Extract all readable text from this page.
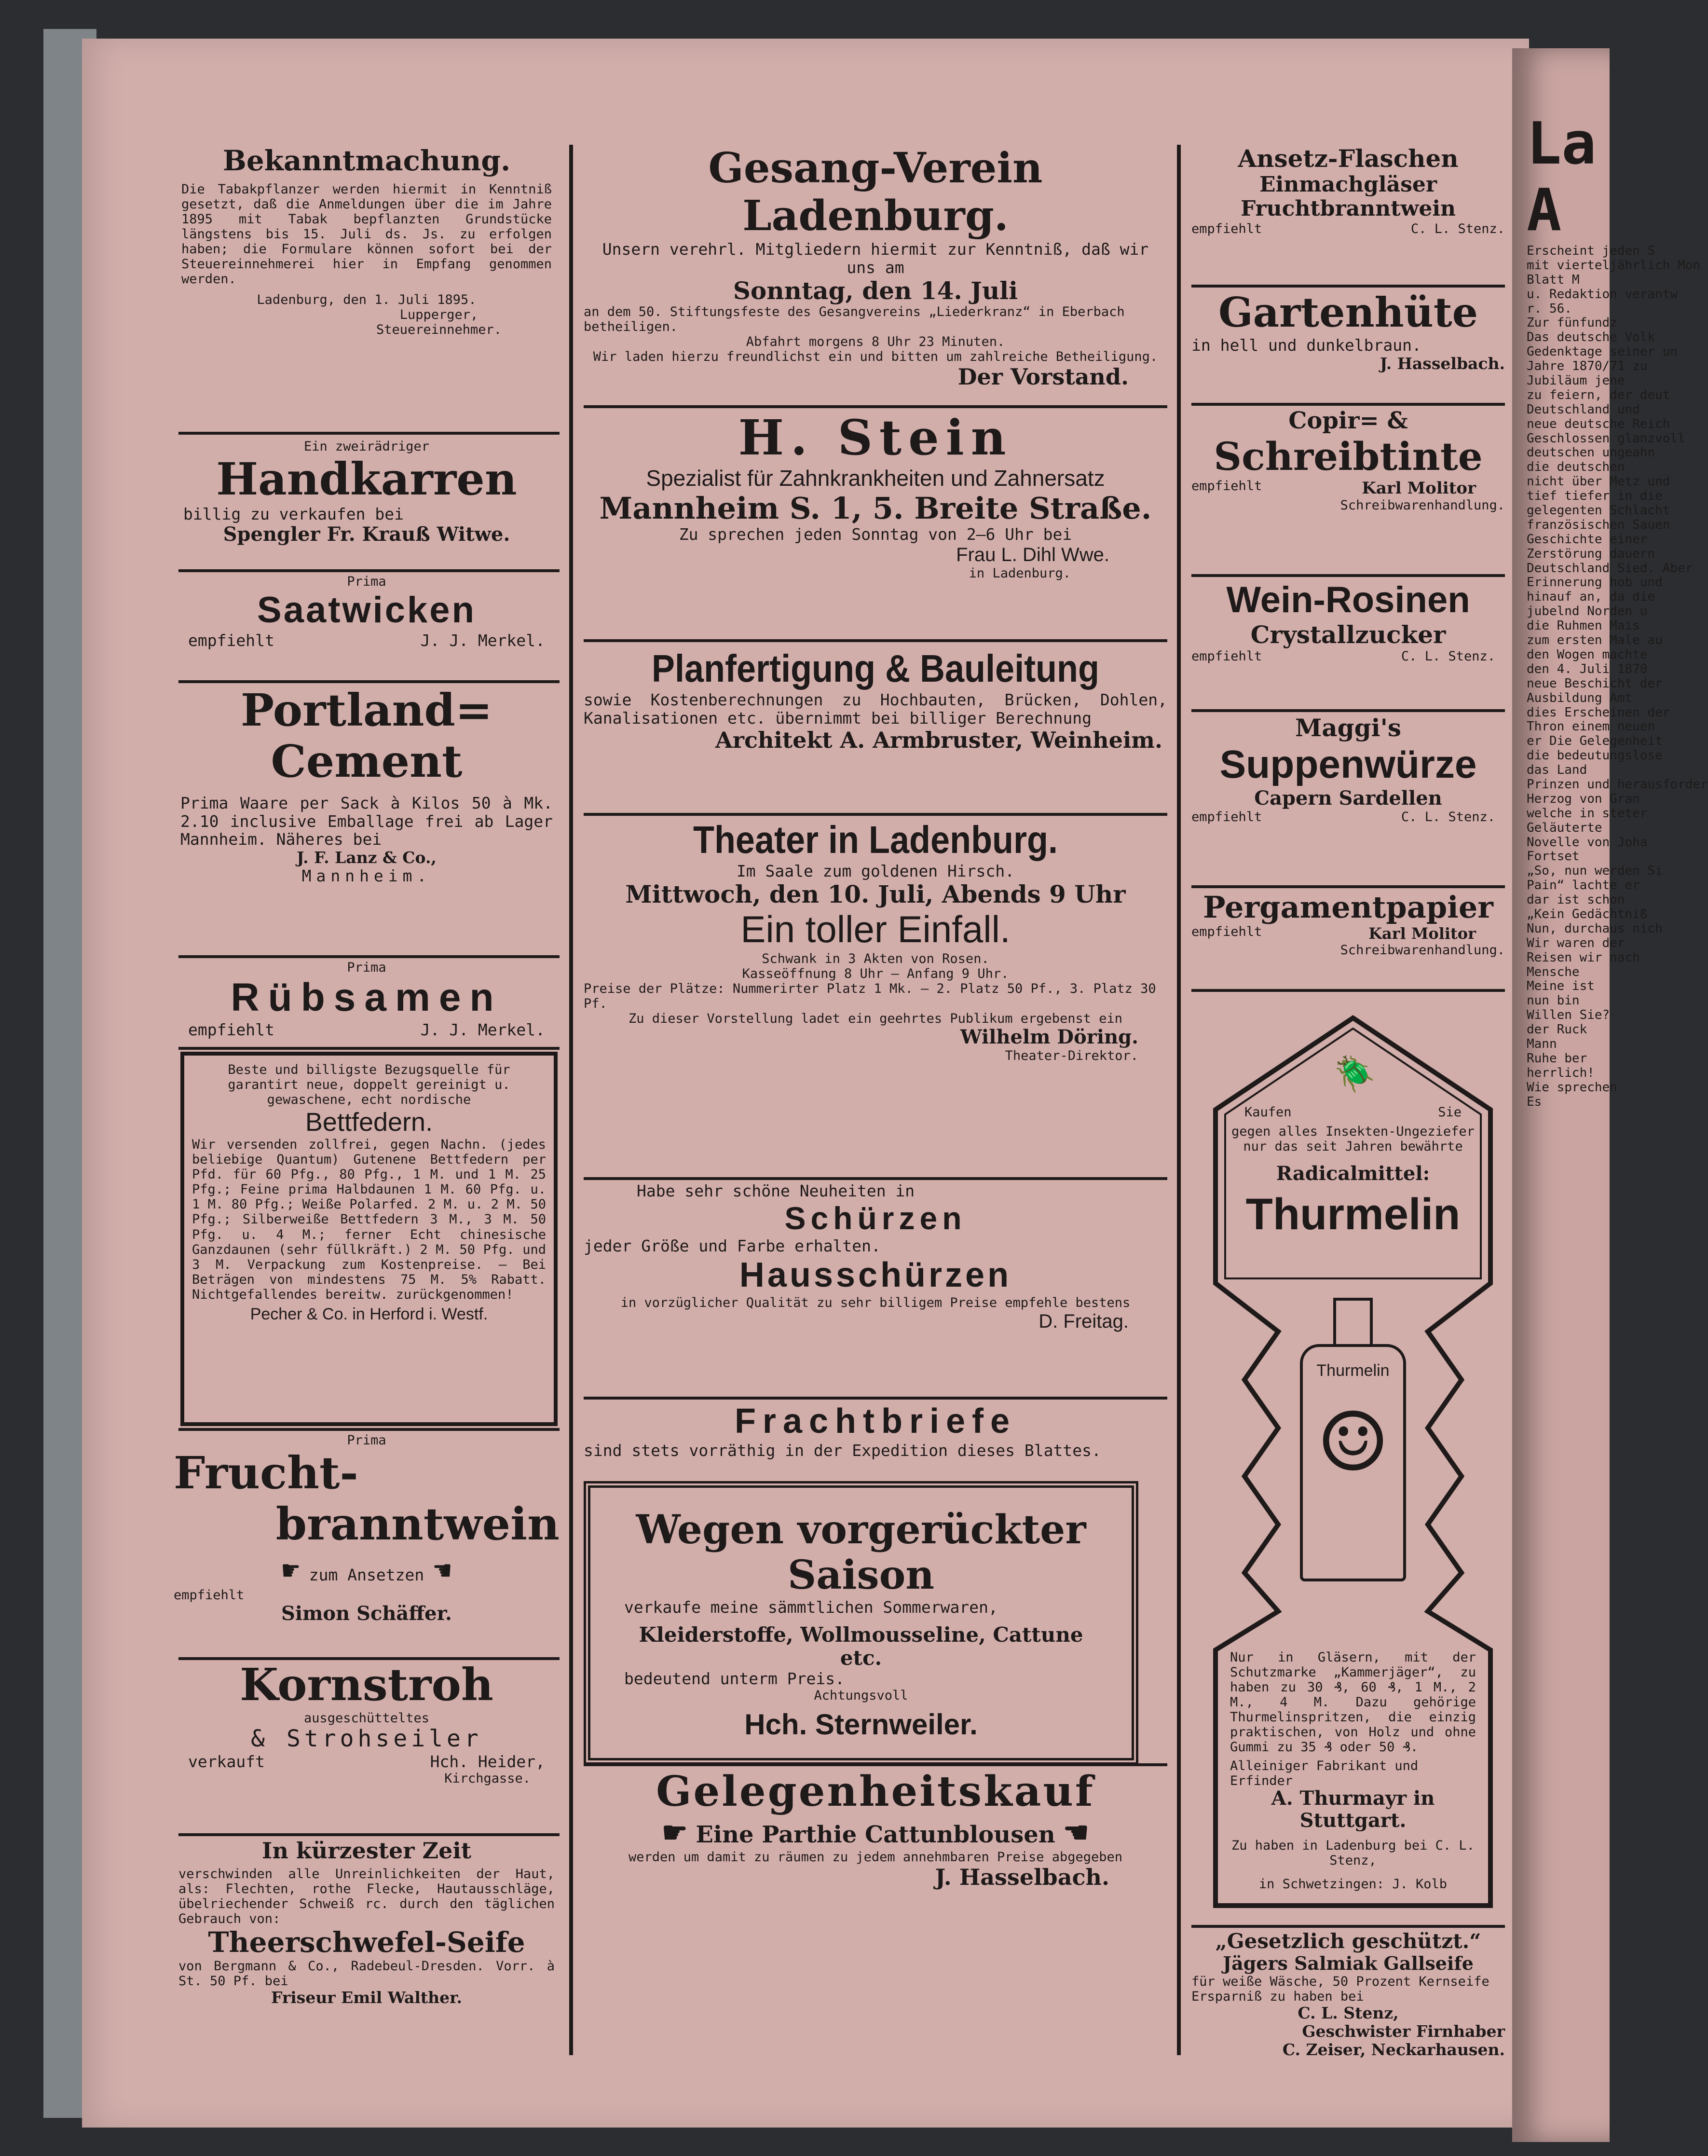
Bekanntmachung.
Die Tabakpflanzer werden hiermit in Kenntniß gesetzt, daß die Anmeldungen über die im Jahre 1895 mit Tabak bepflanzten Grundstücke längstens bis 15. Juli ds. Js. zu erfolgen haben; die Formulare können sofort bei der Steuereinnehmerei hier in Empfang genommen werden.
Ladenburg, den 1. Juli 1895.
Lupperger,
Steuereinnehmer.
Ein zweirädriger
Handkarren
billig zu verkaufen bei
Spengler Fr. Krauß Witwe.
Prima
Saatwicken
empfiehlt	J. J. Merkel.
Portland=
Cement
Prima Waare per Sack à Kilos 50 à Mk. 2.10 inclusive Emballage frei ab Lager Mannheim. Näheres bei
J. F. Lanz & Co.,
Mannheim.
Prima
Rübsamen
empfiehlt	J. J. Merkel.
Beste und billigste Bezugsquelle für garantirt neue, doppelt gereinigt u. gewaschene, echt nordische
Bettfedern.
Wir versenden zollfrei, gegen Nachn. (jedes beliebige Quantum) Gutenene Bettfedern per Pfd. für 60 Pfg., 80 Pfg., 1 M. und 1 M. 25 Pfg.; Feine prima Halbdaunen 1 M. 60 Pfg. u. 1 M. 80 Pfg.; Weiße Polarfed. 2 M. u. 2 M. 50 Pfg.; Silberweiße Bettfedern 3 M., 3 M. 50 Pfg. u. 4 M.; ferner Echt chinesische Ganzdaunen (sehr füllkräft.) 2 M. 50 Pfg. und 3 M. Verpackung zum Kostenpreise. — Bei Beträgen von mindestens 75 M. 5% Rabatt. Nichtgefallendes bereitw. zurückgenommen!
Pecher & Co. in Herford i. Westf.
Prima
Frucht-
branntwein
☛ zum Ansetzen ☛
empfiehlt
Simon Schäffer.
Kornstroh
ausgeschütteltes
& Strohseiler
verkauft	Hch. Heider,
Kirchgasse.
In kürzester Zeit
verschwinden alle Unreinlichkeiten der Haut, als: Flechten, rothe Flecke, Hautausschläge, übelriechender Schweiß rc. durch den täglichen Gebrauch von:
Theerschwefel-Seife
von Bergmann & Co., Radebeul-Dresden. Vorr. à St. 50 Pf. bei
Friseur Emil Walther.
Gesang-Verein Ladenburg.
Unsern verehrl. Mitgliedern hiermit zur Kenntniß, daß wir uns am
Sonntag, den 14. Juli
an dem 50. Stiftungsfeste des Gesangvereins „Liederkranz“ in Eberbach betheiligen.
Abfahrt morgens 8 Uhr 23 Minuten.
Wir laden hierzu freundlichst ein und bitten um zahlreiche Betheiligung.
Der Vorstand.
H. Stein
Spezialist für Zahnkrankheiten und Zahnersatz
Mannheim S. 1, 5. Breite Straße.
Zu sprechen jeden Sonntag von 2—6 Uhr bei
Frau L. Dihl Wwe.
in Ladenburg.
Planfertigung & Bauleitung
sowie Kostenberechnungen zu Hochbauten, Brücken, Dohlen, Kanalisationen etc. übernimmt bei billiger Berechnung
Architekt A. Armbruster, Weinheim.
Theater in Ladenburg.
Im Saale zum goldenen Hirsch.
Mittwoch, den 10. Juli, Abends 9 Uhr
Ein toller Einfall.
Schwank in 3 Akten von Rosen.
Kasseöffnung 8 Uhr — Anfang 9 Uhr.
Preise der Plätze: Nummerirter Platz 1 Mk. — 2. Platz 50 Pf., 3. Platz 30 Pf.
Zu dieser Vorstellung ladet ein geehrtes Publikum ergebenst ein
Wilhelm Döring.
Theater-Direktor.
Habe sehr schöne Neuheiten in
Schürzen
jeder Größe und Farbe erhalten.
Hausschürzen
in vorzüglicher Qualität zu sehr billigem Preise empfehle bestens
D. Freitag.
Frachtbriefe
sind stets vorräthig in der Expedition dieses Blattes.
Wegen vorgerückter Saison
verkaufe meine sämmtlichen Sommerwaren,
Kleiderstoffe, Wollmousseline, Cattune etc.
bedeutend unterm Preis.
Achtungsvoll
Hch. Sternweiler.
Gelegenheitskauf
☛ Eine Parthie Cattunblousen ☛
werden um damit zu räumen zu jedem annehmbaren Preise abgegeben
J. Hasselbach.
Ansetz-Flaschen
Einmachgläser
Fruchtbranntwein
empfiehlt	C. L. Stenz.
Gartenhüte
in hell und dunkelbraun.
J. Hasselbach.
Copir= &
Schreibtinte
empfiehlt	Karl Molitor
Schreibwarenhandlung.
Wein-Rosinen
Crystallzucker
empfiehlt	C. L. Stenz.
Maggi's
Suppenwürze
Capern Sardellen
empfiehlt	C. L. Stenz.
Pergamentpapier
empfiehlt	Karl Molitor
Schreibwarenhandlung.
🪲
Kaufen	Sie
gegen alles Insekten-Ungeziefer nur das seit Jahren bewährte
Radicalmittel:
Thurmelin
Thurmelin
☺
Nur in Gläsern, mit der Schutzmarke „Kammerjäger“, zu haben zu 30 ₰, 60 ₰, 1 M., 2 M., 4 M. Dazu gehörige Thurmelinspritzen, die einzig praktischen, von Holz und ohne Gummi zu 35 ₰ oder 50 ₰.
Alleiniger Fabrikant und Erfinder
A. Thurmayr in Stuttgart.
Zu haben in Ladenburg bei C. L. Stenz,
in Schwetzingen: J. Kolb
„Gesetzlich geschützt.“
Jägers Salmiak Gallseife
für weiße Wäsche, 50 Prozent Kernseife Ersparniß zu haben bei
C. L. Stenz,
Geschwister Firnhaber
C. Zeiser, Neckarhausen.
La
A
Erscheint jeden S
mit vierteljährlich Mon
Blatt M
u. Redaktion verantw
r. 56.
Zur fünfundz
Das deutsche Volk
Gedenktage seiner un
Jahre 1870/71 zu
Jubiläum jene
zu feiern, der deut
Deutschland und
neue deutsche Reich
Geschlossen glanzvoll
deutschen ungeahn
die deutschen
nicht über Metz und
tief tiefer in die
gelegenten Schlacht
französischen Sauen
Geschichte einer
Zerstörung dauern
Deutschland Sied. Aber
Erinnerung hob und
hinauf an, da die
jubelnd Norden u
die Ruhmen Mais
zum ersten Male au
den Wogen machte
den 4. Juli 1870
neue Beschicht der
Ausbildung Amt
dies Erscheinen der
Thron einem neuen
er Die Gelegenheit
die bedeutungslose
das Land
Prinzen und herausforder
Herzog von Gran
welche in steter
Geläuterte
Novelle von Joha
Fortset
„So, nun werden Si
Pain“ lachte er
dar ist schon
„Kein Gedächtniß
Nun, durchaus nich
Wir waren der
Reisen wir nach
Mensche
Meine ist
nun bin
Willen Sie?
der Ruck
Mann
Ruhe ber
herrlich!
Wie sprechen
Es
